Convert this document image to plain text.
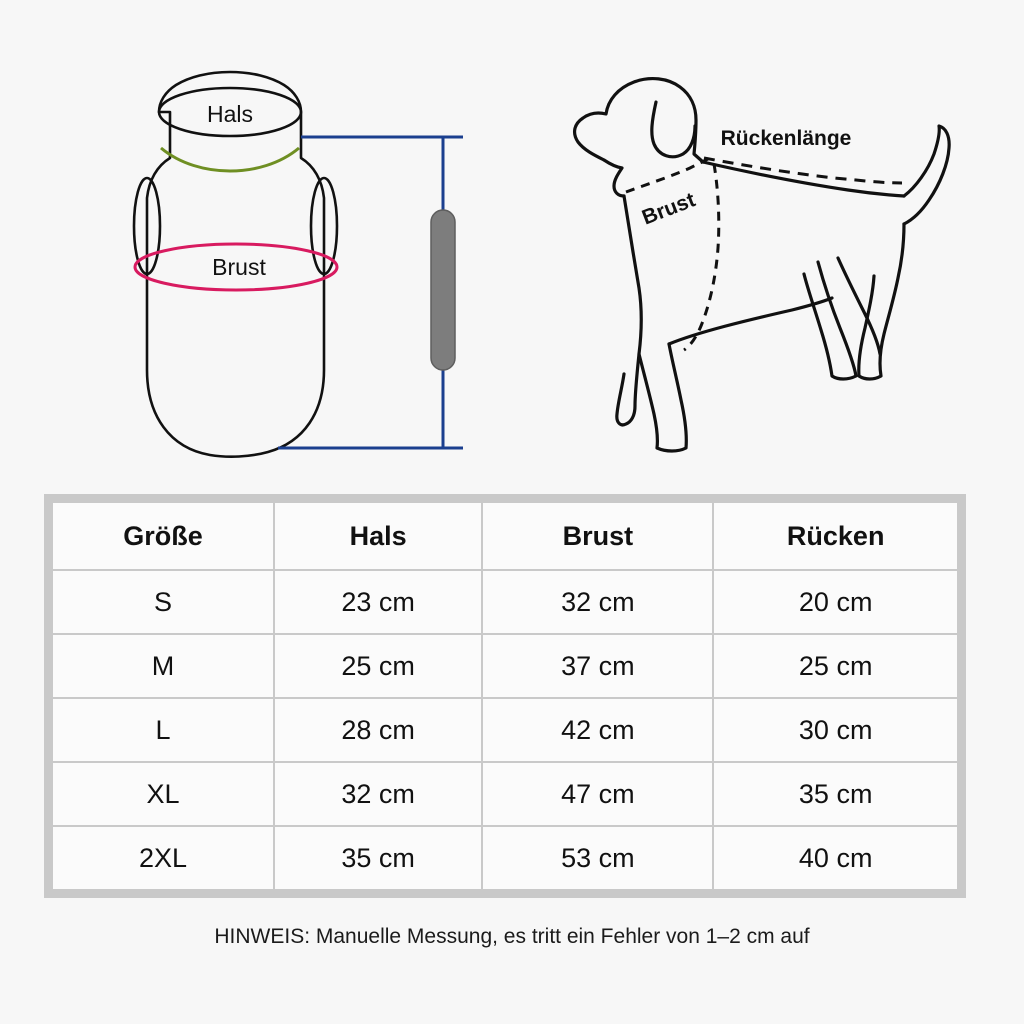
Hals
Brust
Rückenlänge
Brust
Größe	Hals	Brust	Rücken
S	23 cm	32 cm	20 cm
M	25 cm	37 cm	25 cm
L	28 cm	42 cm	30 cm
XL	32 cm	47 cm	35 cm
2XL	35 cm	53 cm	40 cm
HINWEIS: Manuelle Messung, es tritt ein Fehler von 1–2 cm auf
